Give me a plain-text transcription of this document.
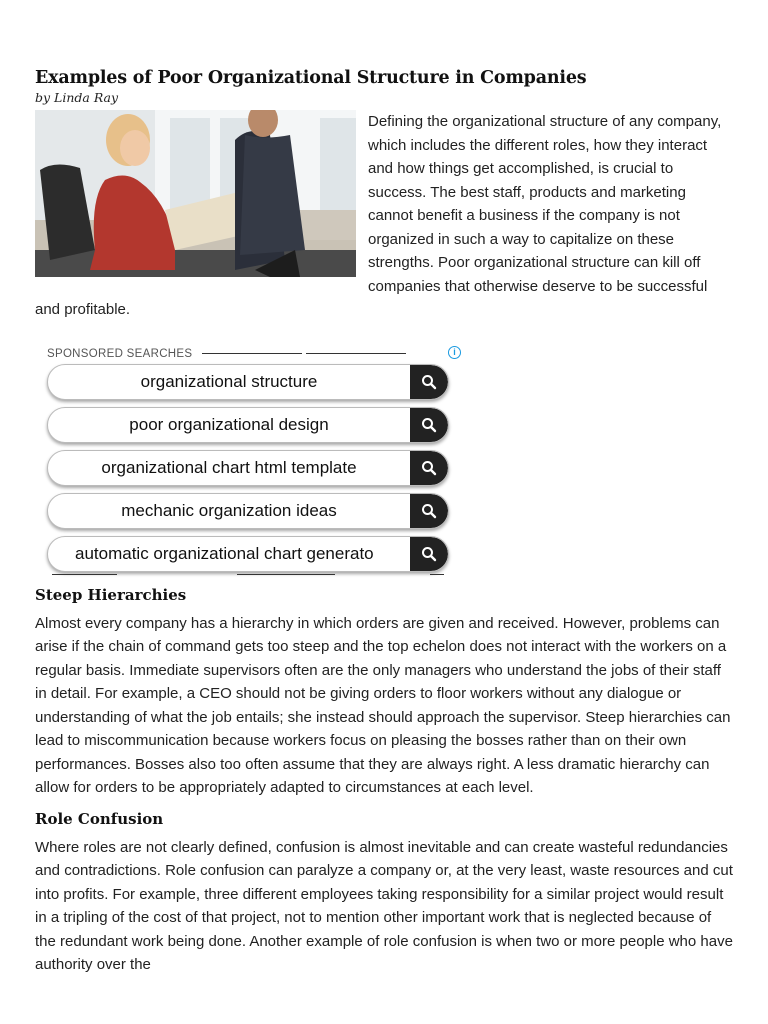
Examples of Poor Organizational Structure in Companies
by Linda Ray

Defining the organizational structure of any company, which includes the different roles, how they interact and how things get accomplished, is crucial to success. The best staff, products and marketing cannot benefit a business if the company is not organized in such a way to capitalize on these strengths. Poor organizational structure can kill off companies that otherwise deserve to be successful and profitable.

SPONSORED SEARCHES	i
organizational structure
poor organizational design
organizational chart html template
mechanic organization ideas
automatic organizational chart generato
Steep Hierarchies

Almost every company has a hierarchy in which orders are given and received. However, problems can arise if the chain of command gets too steep and the top echelon does not interact with the workers on a regular basis. Immediate supervisors often are the only managers who understand the jobs of their staff in detail. For example, a CEO should not be giving orders to floor workers without any dialogue or understanding of what the job entails; she instead should approach the supervisor. Steep hierarchies can lead to miscommunication because workers focus on pleasing the bosses rather than on their own performances. Bosses also too often assume that they are always right. A less dramatic hierarchy can allow for orders to be appropriately adapted to circumstances at each level.

Role Confusion

Where roles are not clearly defined, confusion is almost inevitable and can create wasteful redundancies and contradictions. Role confusion can paralyze a company or, at the very least, waste resources and cut into profits. For example, three different employees taking responsibility for a similar project would result in a tripling of the cost of that project, not to mention other important work that is neglected because of the redundant work being done. Another example of role confusion is when two or more people who have authority over the
